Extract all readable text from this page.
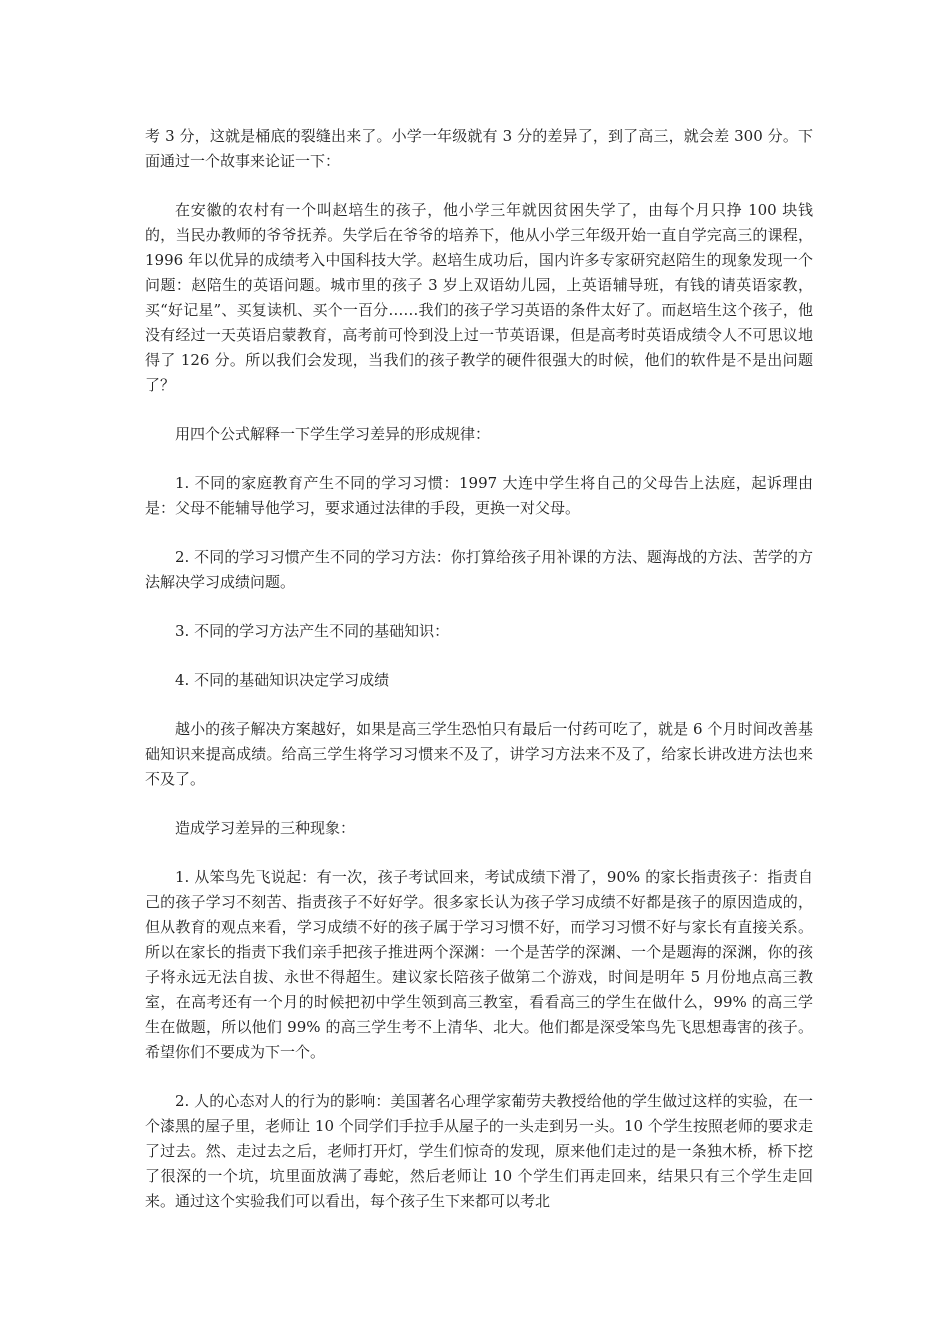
考 3 分，这就是桶底的裂缝出来了。小学一年级就有 3 分的差异了，到了高三，就会差 300 分。下面通过一个故事来论证一下：

在安徽的农村有一个叫赵培生的孩子，他小学三年就因贫困失学了，由每个月只挣 100 块钱的，当民办教师的爷爷抚养。失学后在爷爷的培养下，他从小学三年级开始一直自学完高三的课程，1996 年以优异的成绩考入中国科技大学。赵培生成功后，国内许多专家研究赵陪生的现象发现一个问题：赵陪生的英语问题。城市里的孩子 3 岁上双语幼儿园，上英语辅导班，有钱的请英语家教，买“好记星”、买复读机、买个一百分……我们的孩子学习英语的条件太好了。而赵培生这个孩子，他没有经过一天英语启蒙教育，高考前可怜到没上过一节英语课，但是高考时英语成绩令人不可思议地得了 126 分。所以我们会发现，当我们的孩子教学的硬件很强大的时候，他们的软件是不是出问题了？

用四个公式解释一下学生学习差异的形成规律：

1. 不同的家庭教育产生不同的学习习惯：1997 大连中学生将自己的父母告上法庭，起诉理由是：父母不能辅导他学习，要求通过法律的手段，更换一对父母。

2. 不同的学习习惯产生不同的学习方法：你打算给孩子用补课的方法、题海战的方法、苦学的方法解决学习成绩问题。

3. 不同的学习方法产生不同的基础知识：

4. 不同的基础知识决定学习成绩

越小的孩子解决方案越好，如果是高三学生恐怕只有最后一付药可吃了，就是 6 个月时间改善基础知识来提高成绩。给高三学生将学习习惯来不及了，讲学习方法来不及了，给家长讲改进方法也来不及了。

造成学习差异的三种现象：

1. 从笨鸟先飞说起：有一次，孩子考试回来，考试成绩下滑了，90% 的家长指责孩子：指责自己的孩子学习不刻苦、指责孩子不好好学。很多家长认为孩子学习成绩不好都是孩子的原因造成的，但从教育的观点来看，学习成绩不好的孩子属于学习习惯不好，而学习习惯不好与家长有直接关系。所以在家长的指责下我们亲手把孩子推进两个深渊：一个是苦学的深渊、一个是题海的深渊，你的孩子将永远无法自拔、永世不得超生。建议家长陪孩子做第二个游戏，时间是明年 5 月份地点高三教室，在高考还有一个月的时候把初中学生领到高三教室，看看高三的学生在做什么，99% 的高三学生在做题，所以他们 99% 的高三学生考不上清华、北大。他们都是深受笨鸟先飞思想毒害的孩子。希望你们不要成为下一个。

2. 人的心态对人的行为的影响：美国著名心理学家葡劳夫教授给他的学生做过这样的实验，在一个漆黑的屋子里，老师让 10 个同学们手拉手从屋子的一头走到另一头。10 个学生按照老师的要求走了过去。然、走过去之后，老师打开灯，学生们惊奇的发现，原来他们走过的是一条独木桥，桥下挖了很深的一个坑，坑里面放满了毒蛇，然后老师让 10 个学生们再走回来，结果只有三个学生走回来。通过这个实验我们可以看出，每个孩子生下来都可以考北
